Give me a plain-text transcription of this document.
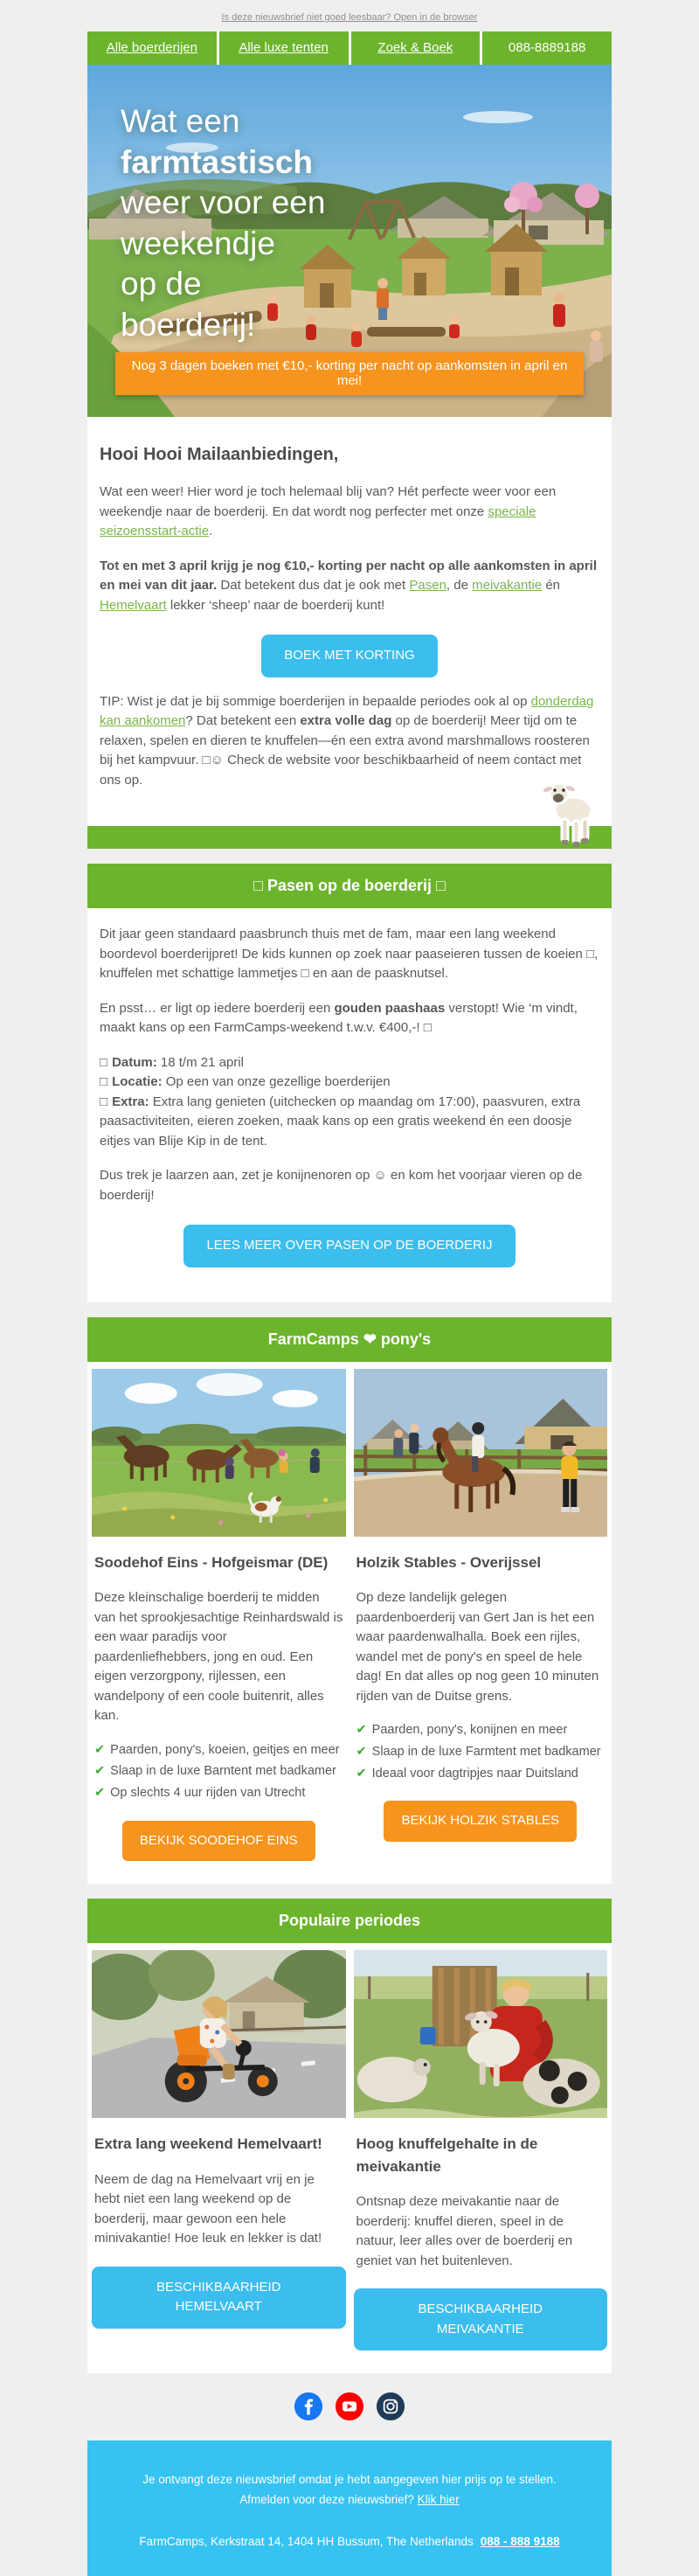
Is deze nieuwsbrief niet goed leesbaar? Open in de browser
Alle boerderijen	Alle luxe tenten	Zoek & Boek	088-8889188
Wat een
farmtastisch
weer voor een
weekendje
op de
boerderij!
Nog 3 dagen boeken met €10,- korting per nacht op aankomsten in april en mei!
Hooi Hooi Mailaanbiedingen,

Wat een weer! Hier word je toch helemaal blij van? Hét perfecte weer voor een weekendje naar de boerderij. En dat wordt nog perfecter met onze speciale seizoensstart-actie.

Tot en met 3 april krijg je nog €10,- korting per nacht op alle aankomsten in april en mei van dit jaar. Dat betekent dus dat je ook met Pasen, de meivakantie én Hemelvaart lekker ‘sheep’ naar de boerderij kunt!

BOEK MET KORTING

TIP: Wist je dat je bij sommige boerderijen in bepaalde periodes ook al op donderdag kan aankomen? Dat betekent een extra volle dag op de boerderij! Meer tijd om te relaxen, spelen en dieren te knuffelen—én een extra avond marshmallows roosteren bij het kampvuur. □☺ Check de website voor beschikbaarheid of neem contact met ons op.

□ Pasen op de boerderij □

Dit jaar geen standaard paasbrunch thuis met de fam, maar een lang weekend boordevol boerderijpret! De kids kunnen op zoek naar paaseieren tussen de koeien □, knuffelen met schattige lammetjes □ en aan de paasknutsel.

En psst… er ligt op iedere boerderij een gouden paashaas verstopt! Wie ‘m vindt, maakt kans op een FarmCamps-weekend t.w.v. €400,-! □

□ Datum: 18 t/m 21 april
□ Locatie: Op een van onze gezellige boerderijen
□ Extra: Extra lang genieten (uitchecken op maandag om 17:00), paasvuren, extra paasactiviteiten, eieren zoeken, maak kans op een gratis weekend én een doosje eitjes van Blije Kip in de tent.

Dus trek je laarzen aan, zet je konijnenoren op ☺ en kom het voorjaar vieren op de boerderij!

LEES MEER OVER PASEN OP DE BOERDERIJ
FarmCamps ❤ pony's
Soodehof Eins - Hofgeismar (DE)

Deze kleinschalige boerderij te midden van het sprookjesachtige Reinhardswald is een waar paradijs voor paardenliefhebbers, jong en oud. Een eigen verzorgpony, rijlessen, een wandelpony of een coole buitenrit, alles kan.

✔ Paarden, pony's, koeien, geitjes en meer
✔ Slaap in de luxe Barntent met badkamer
✔ Op slechts 4 uur rijden van Utrecht
BEKIJK SOODEHOF EINS
Holzik Stables - Overijssel

Op deze landelijk gelegen paardenboerderij van Gert Jan is het een waar paardenwalhalla. Boek een rijles, wandel met de pony's en speel de hele dag! En dat alles op nog geen 10 minuten rijden van de Duitse grens.

✔ Paarden, pony's, konijnen en meer
✔ Slaap in de luxe Farmtent met badkamer
✔ Ideaal voor dagtripjes naar Duitsland
BEKIJK HOLZIK STABLES
Populaire periodes
Extra lang weekend Hemelvaart!

Neem de dag na Hemelvaart vrij en je hebt niet een lang weekend op de boerderij, maar gewoon een hele minivakantie! Hoe leuk en lekker is dat!

BESCHIKBAARHEID HEMELVAART
Hoog knuffelgehalte in de meivakantie

Ontsnap deze meivakantie naar de boerderij: knuffel dieren, speel in de natuur, leer alles over de boerderij en geniet van het buitenleven.

BESCHIKBAARHEID MEIVAKANTIE
Je ontvangt deze nieuwsbrief omdat je hebt aangegeven hier prijs op te stellen.
Afmelden voor deze nieuwsbrief? Klik hier
FarmCamps, Kerkstraat 14, 1404 HH Bussum, The Netherlands 088 - 888 9188
